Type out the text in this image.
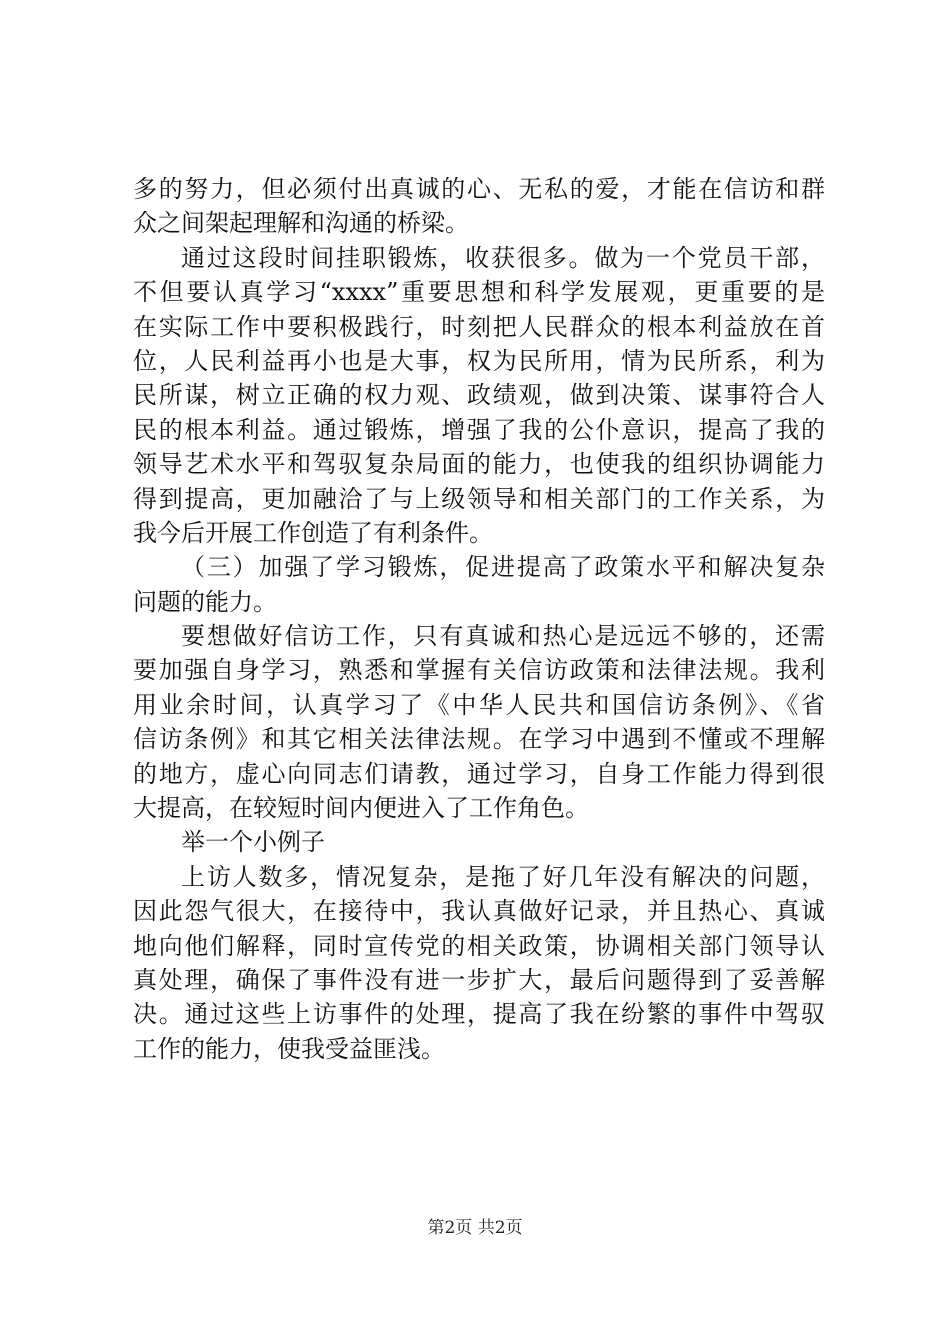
多的努力，但必须付出真诚的心、无私的爱，才能在信访和群
众之间架起理解和沟通的桥梁。
通过这段时间挂职锻炼，收获很多。做为一个党员干部，
不但要认真学习“xxxx”重要思想和科学发展观，更重要的是
在实际工作中要积极践行，时刻把人民群众的根本利益放在首
位，人民利益再小也是大事，权为民所用，情为民所系，利为
民所谋，树立正确的权力观、政绩观，做到决策、谋事符合人
民的根本利益。通过锻炼，增强了我的公仆意识，提高了我的
领导艺术水平和驾驭复杂局面的能力，也使我的组织协调能力
得到提高，更加融洽了与上级领导和相关部门的工作关系，为
我今后开展工作创造了有利条件。
（三）加强了学习锻炼，促进提高了政策水平和解决复杂
问题的能力。
要想做好信访工作，只有真诚和热心是远远不够的，还需
要加强自身学习，熟悉和掌握有关信访政策和法律法规。我利
用业余时间，认真学习了《中华人民共和国信访条例》、《省
信访条例》和其它相关法律法规。在学习中遇到不懂或不理解
的地方，虚心向同志们请教，通过学习，自身工作能力得到很
大提高，在较短时间内便进入了工作角色。
举一个小例子
上访人数多，情况复杂，是拖了好几年没有解决的问题，
因此怨气很大，在接待中，我认真做好记录，并且热心、真诚
地向他们解释，同时宣传党的相关政策，协调相关部门领导认
真处理，确保了事件没有进一步扩大，最后问题得到了妥善解
决。通过这些上访事件的处理，提高了我在纷繁的事件中驾驭
工作的能力，使我受益匪浅。
第2页 共2页
